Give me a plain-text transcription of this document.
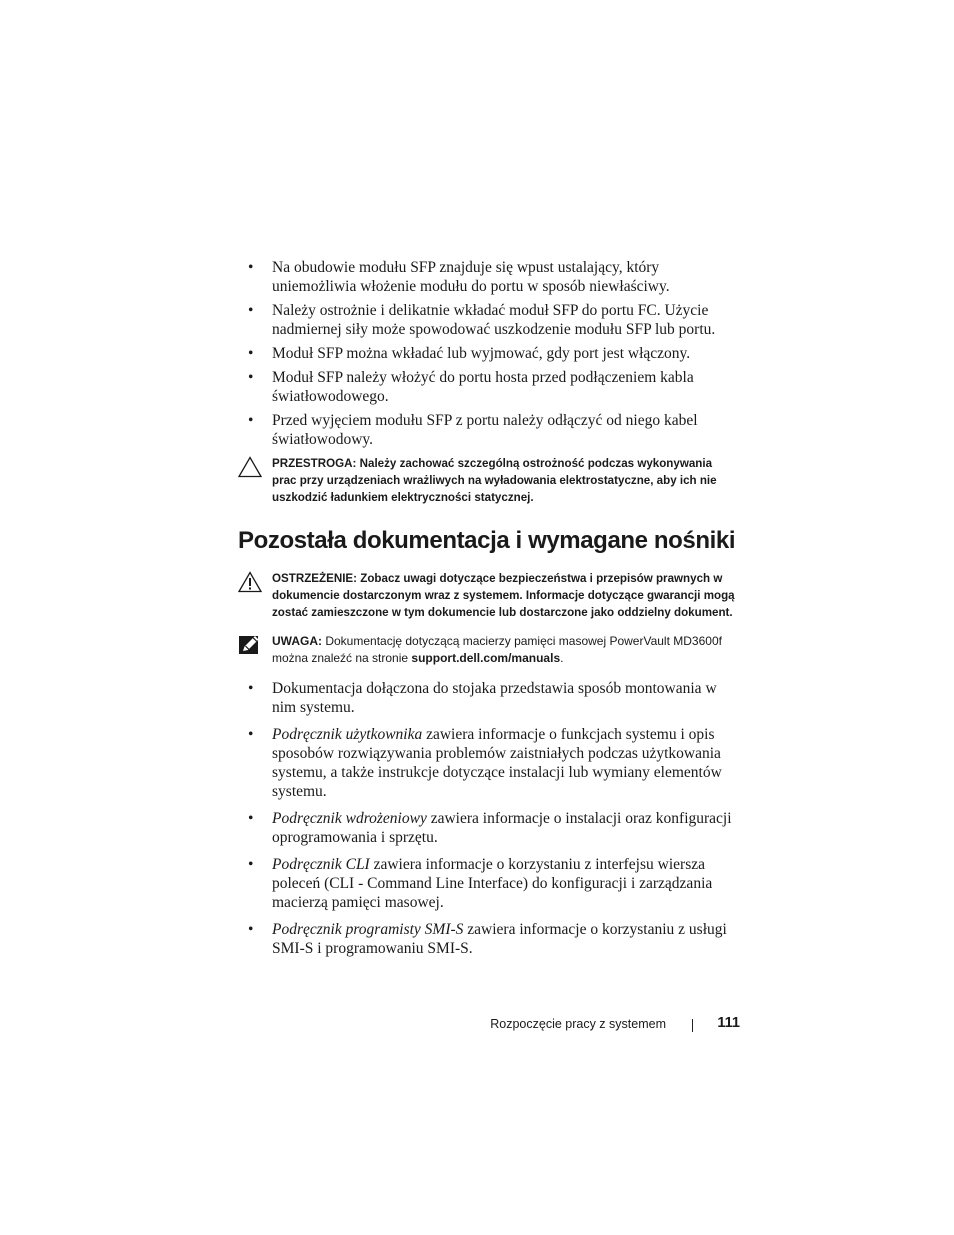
• Na obudowie modułu SFP znajduje się wpust ustalający, który uniemożliwia włożenie modułu do portu w sposób niewłaściwy.
• Należy ostrożnie i delikatnie wkładać moduł SFP do portu FC. Użycie nadmiernej siły może spowodować uszkodzenie modułu SFP lub portu.
• Moduł SFP można wkładać lub wyjmować, gdy port jest włączony.
• Moduł SFP należy włożyć do portu hosta przed podłączeniem kabla światłowodowego.
• Przed wyjęciem modułu SFP z portu należy odłączyć od niego kabel światłowodowy.
PRZESTROGA: Należy zachować szczególną ostrożność podczas wykonywania prac przy urządzeniach wrażliwych na wyładowania elektrostatyczne, aby ich nie uszkodzić ładunkiem elektryczności statycznej.
Pozostała dokumentacja i wymagane nośniki
OSTRZEŻENIE: Zobacz uwagi dotyczące bezpieczeństwa i przepisów prawnych w dokumencie dostarczonym wraz z systemem. Informacje dotyczące gwarancji mogą zostać zamieszczone w tym dokumencie lub dostarczone jako oddzielny dokument.
UWAGA: Dokumentację dotyczącą macierzy pamięci masowej PowerVault MD3600f można znaleźć na stronie support.dell.com/manuals.
• Dokumentacja dołączona do stojaka przedstawia sposób montowania w nim systemu.
• Podręcznik użytkownika zawiera informacje o funkcjach systemu i opis sposobów rozwiązywania problemów zaistniałych podczas użytkowania systemu, a także instrukcje dotyczące instalacji lub wymiany elementów systemu.
• Podręcznik wdrożeniowy zawiera informacje o instalacji oraz konfiguracji oprogramowania i sprzętu.
• Podręcznik CLI zawiera informacje o korzystaniu z interfejsu wiersza poleceń (CLI - Command Line Interface) do konfiguracji i zarządzania macierzą pamięci masowej.
• Podręcznik programisty SMI-S zawiera informacje o korzystaniu z usługi SMI-S i programowaniu SMI-S.
Rozpoczęcie pracy z systemem	111
